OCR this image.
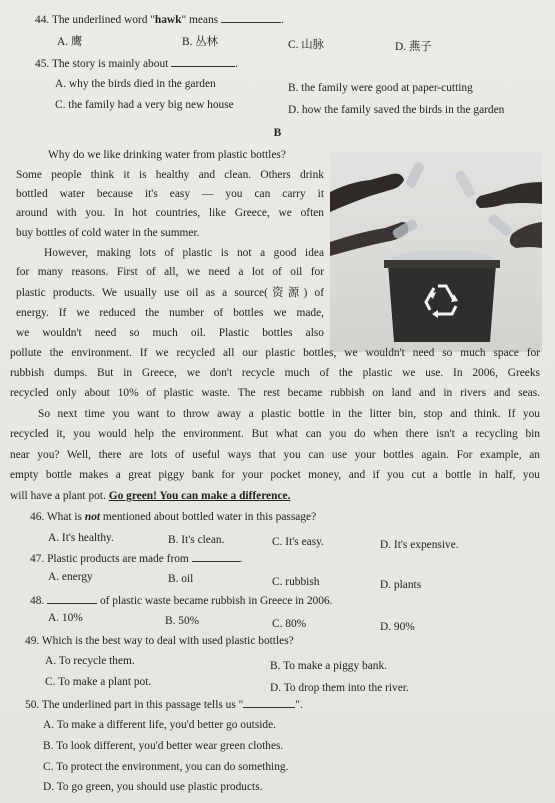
44. The underlined word "hawk" means	.
A. 鹰	B. 丛林	C. 山脉	D. 燕子
45. The story is mainly about	.
A. why the birds died in the garden	B. the family were good at paper-cutting
C. the family had a very big new house	D. how the family saved the birds in the garden
B
Why do we like drinking water from plastic bottles?
Some people think it is healthy and clean. Others drink
bottled water because it's easy — you can carry it
around with you. In hot countries, like Greece, we often
buy bottles of cold water in the summer.
However, making lots of plastic is not a good idea
for many reasons. First of all, we need a lot of oil for
plastic products. We usually use oil as a source(资源) of
energy. If we reduced the number of bottles we made,
we wouldn't need so much oil. Plastic bottles also
pollute the environment. If we recycled all our plastic bottles, we wouldn't need so much space for
rubbish dumps. But in Greece, we don't recycle much of the plastic we use. In 2006, Greeks
recycled only about 10% of plastic waste. The rest became rubbish on land and in rivers and seas.
So next time you want to throw away a plastic bottle in the litter bin, stop and think. If you
recycled it, you would help the environment. But what can you do when there isn't a recycling bin
near you? Well, there are lots of useful ways that you can use your bottles again. For example, an
empty bottle makes a great piggy bank for your pocket money, and if you cut a bottle in half, you
will have a plant pot. Go green! You can make a difference.
46. What is not mentioned about bottled water in this passage?
A. It's healthy.	B. It's clean.	C. It's easy.	D. It's expensive.
47. Plastic products are made from	.
A. energy	B. oil	C. rubbish	D. plants
48.	of plastic waste became rubbish in Greece in 2006.
A. 10%	B. 50%	C. 80%	D. 90%
49. Which is the best way to deal with used plastic bottles?
A. To recycle them.	B. To make a piggy bank.
C. To make a plant pot.	D. To drop them into the river.
50. The underlined part in this passage tells us "	".
A. To make a different life, you'd better go outside.
B. To look different, you'd better wear green clothes.
C. To protect the environment, you can do something.
D. To go green, you should use plastic products.
